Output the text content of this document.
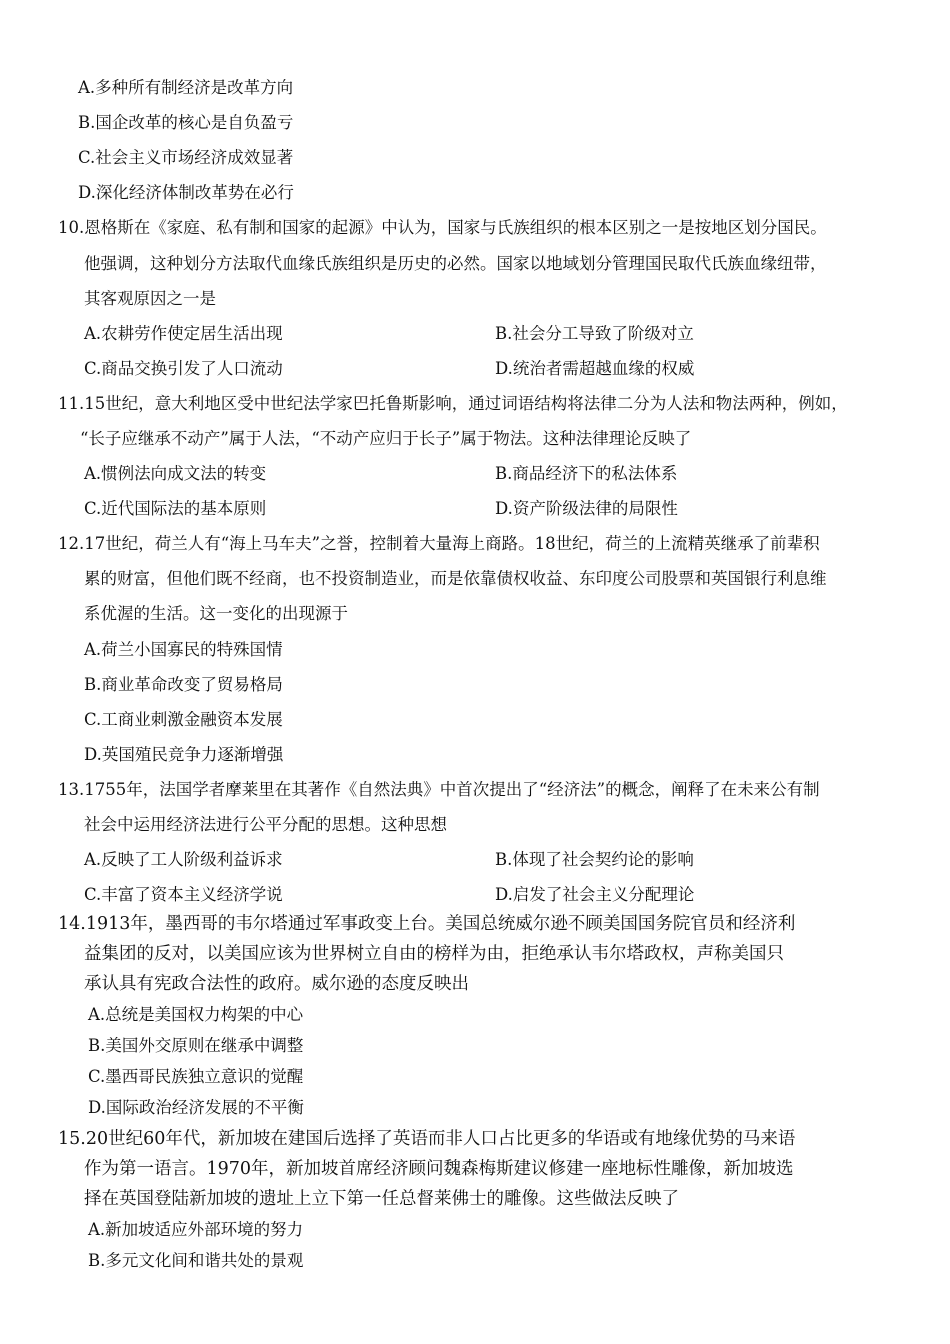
A.多种所有制经济是改革方向
B.国企改革的核心是自负盈亏
C.社会主义市场经济成效显著
D.深化经济体制改革势在必行
10.恩格斯在《家庭、私有制和国家的起源》中认为，国家与氏族组织的根本区别之一是按地区划分国民。
他强调，这种划分方法取代血缘氏族组织是历史的必然。国家以地域划分管理国民取代氏族血缘纽带，
其客观原因之一是
A.农耕劳作使定居生活出现	B.社会分工导致了阶级对立
C.商品交换引发了人口流动	D.统治者需超越血缘的权威
11.15世纪，意大利地区受中世纪法学家巴托鲁斯影响，通过词语结构将法律二分为人法和物法两种，例如，
“长子应继承不动产”属于人法，“不动产应归于长子”属于物法。这种法律理论反映了
A.惯例法向成文法的转变	B.商品经济下的私法体系
C.近代国际法的基本原则	D.资产阶级法律的局限性
12.17世纪，荷兰人有“海上马车夫”之誉，控制着大量海上商路。18世纪，荷兰的上流精英继承了前辈积
累的财富，但他们既不经商，也不投资制造业，而是依靠债权收益、东印度公司股票和英国银行利息维
系优渥的生活。这一变化的出现源于
A.荷兰小国寡民的特殊国情
B.商业革命改变了贸易格局
C.工商业刺激金融资本发展
D.英国殖民竞争力逐渐增强
13.1755年，法国学者摩莱里在其著作《自然法典》中首次提出了“经济法”的概念，阐释了在未来公有制
社会中运用经济法进行公平分配的思想。这种思想
A.反映了工人阶级利益诉求	B.体现了社会契约论的影响
C.丰富了资本主义经济学说	D.启发了社会主义分配理论
14.1913年，墨西哥的韦尔塔通过军事政变上台。美国总统威尔逊不顾美国国务院官员和经济利
益集团的反对，以美国应该为世界树立自由的榜样为由，拒绝承认韦尔塔政权，声称美国只
承认具有宪政合法性的政府。威尔逊的态度反映出
A.总统是美国权力构架的中心
B.美国外交原则在继承中调整
C.墨西哥民族独立意识的觉醒
D.国际政治经济发展的不平衡
15.20世纪60年代，新加坡在建国后选择了英语而非人口占比更多的华语或有地缘优势的马来语
作为第一语言。1970年，新加坡首席经济顾问魏森梅斯建议修建一座地标性雕像，新加坡选
择在英国登陆新加坡的遗址上立下第一任总督莱佛士的雕像。这些做法反映了
A.新加坡适应外部环境的努力
B.多元文化间和谐共处的景观
